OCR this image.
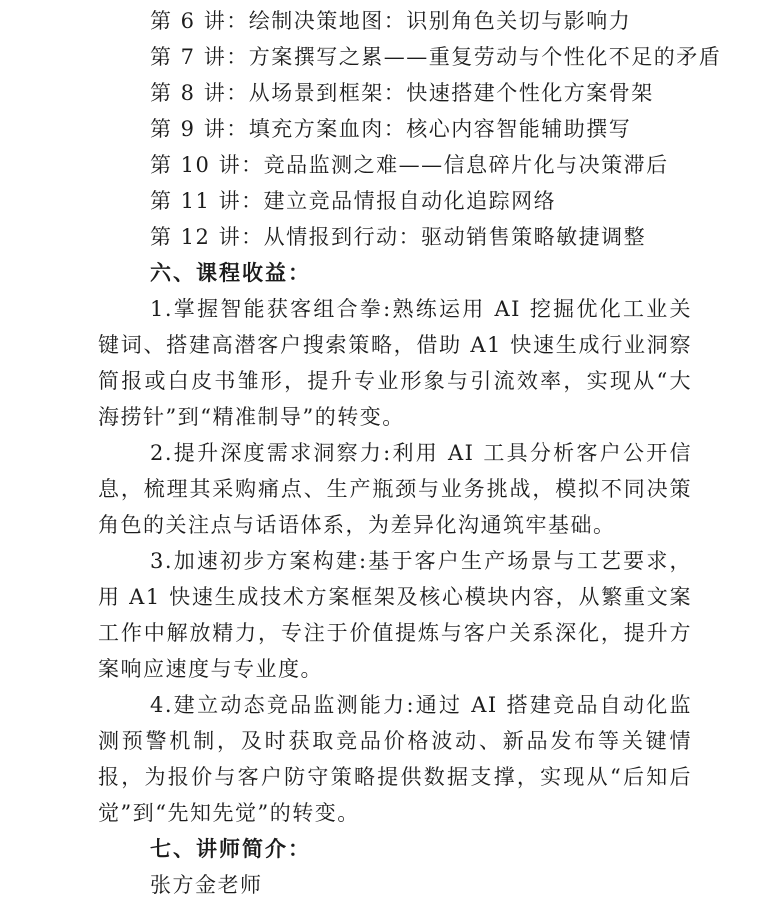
第 6 讲：绘制决策地图：识别角色关切与影响力
第 7 讲：方案撰写之累——重复劳动与个性化不足的矛盾
第 8 讲：从场景到框架：快速搭建个性化方案骨架
第 9 讲：填充方案血肉：核心内容智能辅助撰写
第 10 讲：竞品监测之难——信息碎片化与决策滞后
第 11 讲：建立竞品情报自动化追踪网络
第 12 讲：从情报到行动：驱动销售策略敏捷调整
六、课程收益：

1.掌握智能获客组合拳:熟练运用 AI 挖掘优化工业关键词、搭建高潜客户搜索策略，借助 A1 快速生成行业洞察简报或白皮书雏形，提升专业形象与引流效率，实现从“大海捞针”到“精准制导”的转变。

2.提升深度需求洞察力:利用 AI 工具分析客户公开信息，梳理其采购痛点、生产瓶颈与业务挑战，模拟不同决策角色的关注点与话语体系，为差异化沟通筑牢基础。

3.加速初步方案构建:基于客户生产场景与工艺要求，用 A1 快速生成技术方案框架及核心模块内容，从繁重文案工作中解放精力，专注于价值提炼与客户关系深化，提升方案响应速度与专业度。

4.建立动态竞品监测能力:通过 AI 搭建竞品自动化监测预警机制，及时获取竞品价格波动、新品发布等关键情报，为报价与客户防守策略提供数据支撑，实现从“后知后觉”到“先知先觉”的转变。

七、讲师简介：

张方金老师
